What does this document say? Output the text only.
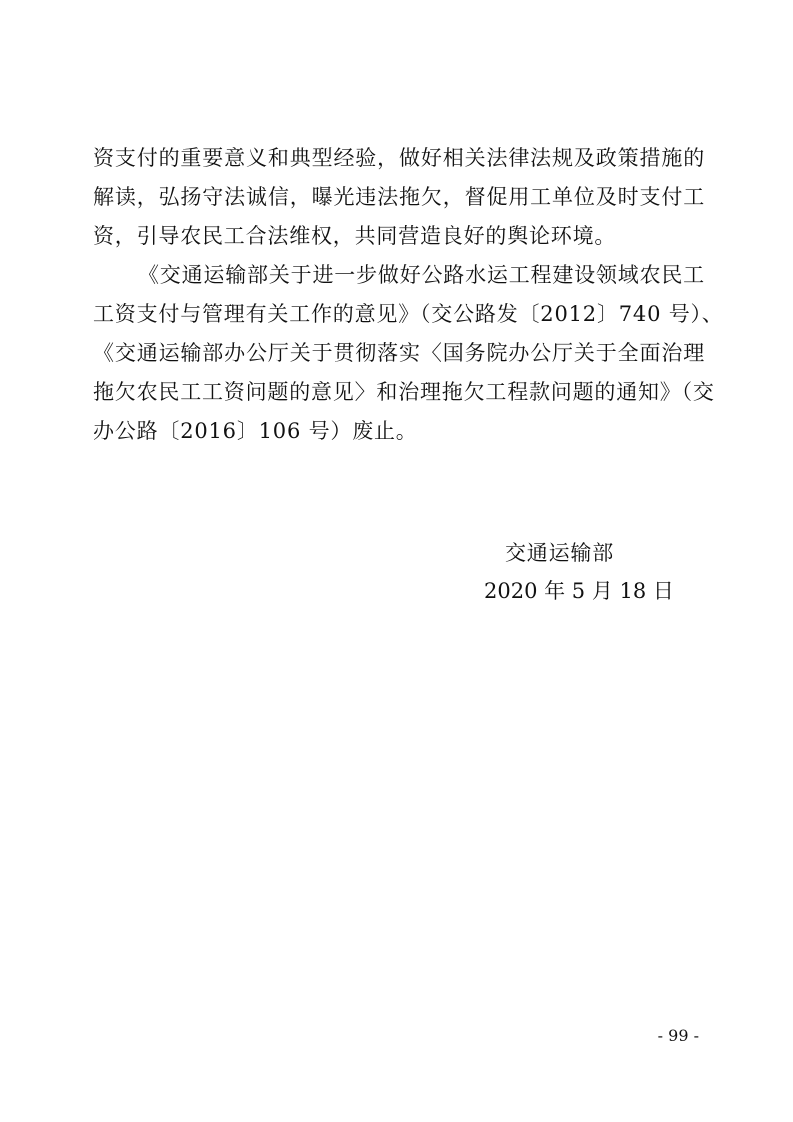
资支付的重要意义和典型经验，做好相关法律法规及政策措施的
解读，弘扬守法诚信，曝光违法拖欠，督促用工单位及时支付工
资，引导农民工合法维权，共同营造良好的舆论环境。
《交通运输部关于进一步做好公路水运工程建设领域农民工
工资支付与管理有关工作的意见》（交公路发〔2012〕740 号）、
《交通运输部办公厅关于贯彻落实〈国务院办公厅关于全面治理
拖欠农民工工资问题的意见〉和治理拖欠工程款问题的通知》（交
办公路〔2016〕106 号）废止。
交通运输部
2020 年 5 月 18 日
- 99 -
